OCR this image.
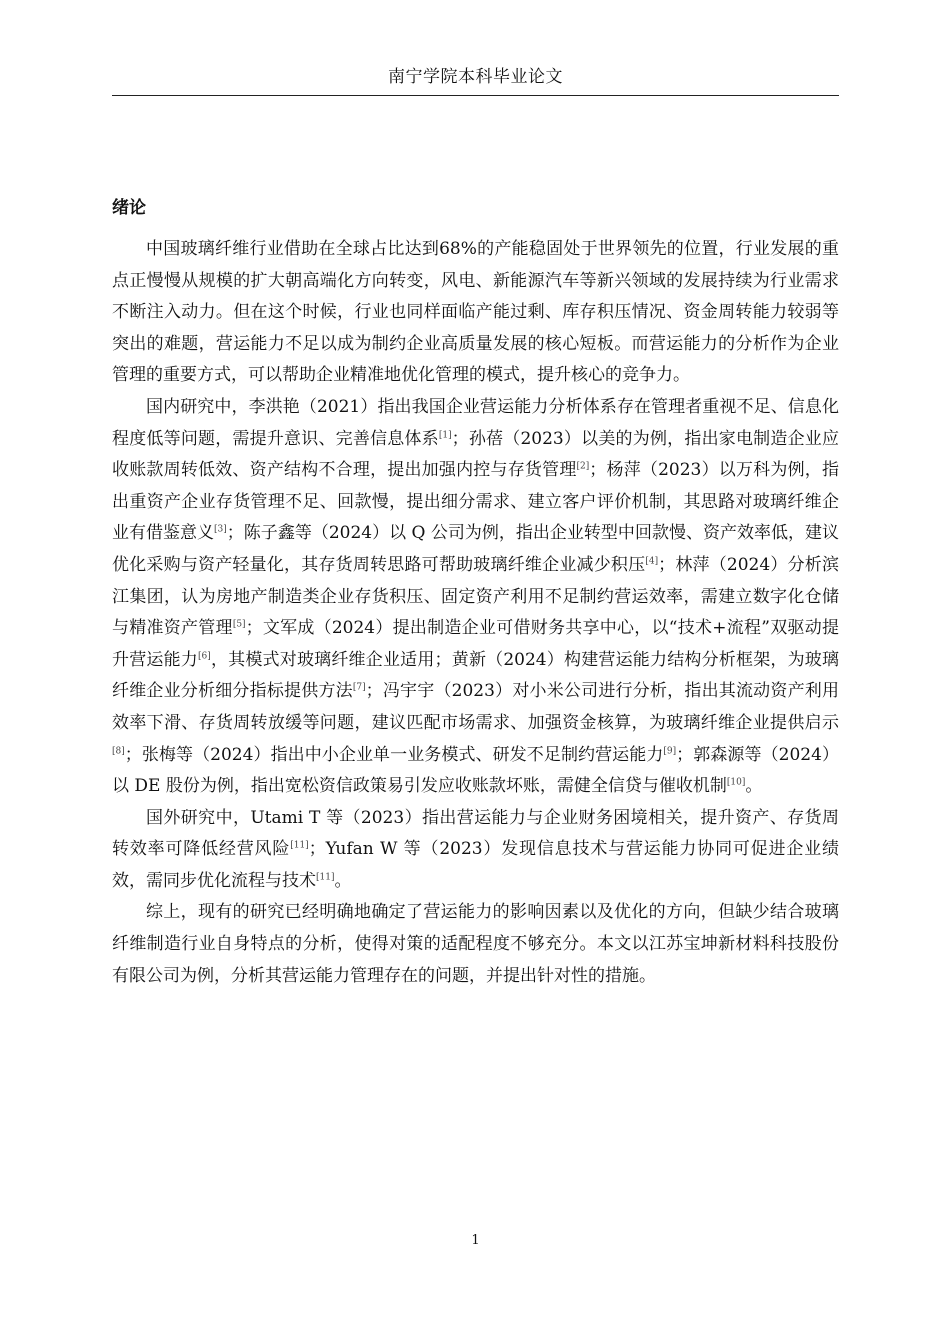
南宁学院本科毕业论文
绪论

中国玻璃纤维行业借助在全球占比达到68%的产能稳固处于世界领先的位置，行业发展的重点正慢慢从规模的扩大朝高端化方向转变，风电、新能源汽车等新兴领域的发展持续为行业需求不断注入动力。但在这个时候，行业也同样面临产能过剩、库存积压情况、资金周转能力较弱等突出的难题，营运能力不足以成为制约企业高质量发展的核心短板。而营运能力的分析作为企业管理的重要方式，可以帮助企业精准地优化管理的模式，提升核心的竞争力。

国内研究中，李洪艳（2021）指出我国企业营运能力分析体系存在管理者重视不足、信息化程度低等问题，需提升意识、完善信息体系[1]；孙蓓（2023）以美的为例，指出家电制造企业应收账款周转低效、资产结构不合理，提出加强内控与存货管理[2]；杨萍（2023）以万科为例，指出重资产企业存货管理不足、回款慢，提出细分需求、建立客户评价机制，其思路对玻璃纤维企业有借鉴意义[3]；陈子鑫等（2024）以 Q 公司为例，指出企业转型中回款慢、资产效率低，建议优化采购与资产轻量化，其存货周转思路可帮助玻璃纤维企业减少积压[4]；林萍（2024）分析滨江集团，认为房地产制造类企业存货积压、固定资产利用不足制约营运效率，需建立数字化仓储与精准资产管理[5]；文军成（2024）提出制造企业可借财务共享中心，以“技术+流程”双驱动提升营运能力[6]，其模式对玻璃纤维企业适用；黄新（2024）构建营运能力结构分析框架，为玻璃纤维企业分析细分指标提供方法[7]；冯宇宇（2023）对小米公司进行分析，指出其流动资产利用效率下滑、存货周转放缓等问题，建议匹配市场需求、加强资金核算，为玻璃纤维企业提供启示[8]；张梅等（2024）指出中小企业单一业务模式、研发不足制约营运能力[9]；郭森源等（2024）以 DE 股份为例，指出宽松资信政策易引发应收账款坏账，需健全信贷与催收机制[10]。

国外研究中，Utami T 等（2023）指出营运能力与企业财务困境相关，提升资产、存货周转效率可降低经营风险[11]；Yufan W 等（2023）发现信息技术与营运能力协同可促进企业绩效，需同步优化流程与技术[11]。

综上，现有的研究已经明确地确定了营运能力的影响因素以及优化的方向，但缺少结合玻璃纤维制造行业自身特点的分析，使得对策的适配程度不够充分。本文以江苏宝坤新材料科技股份有限公司为例，分析其营运能力管理存在的问题，并提出针对性的措施。

1
